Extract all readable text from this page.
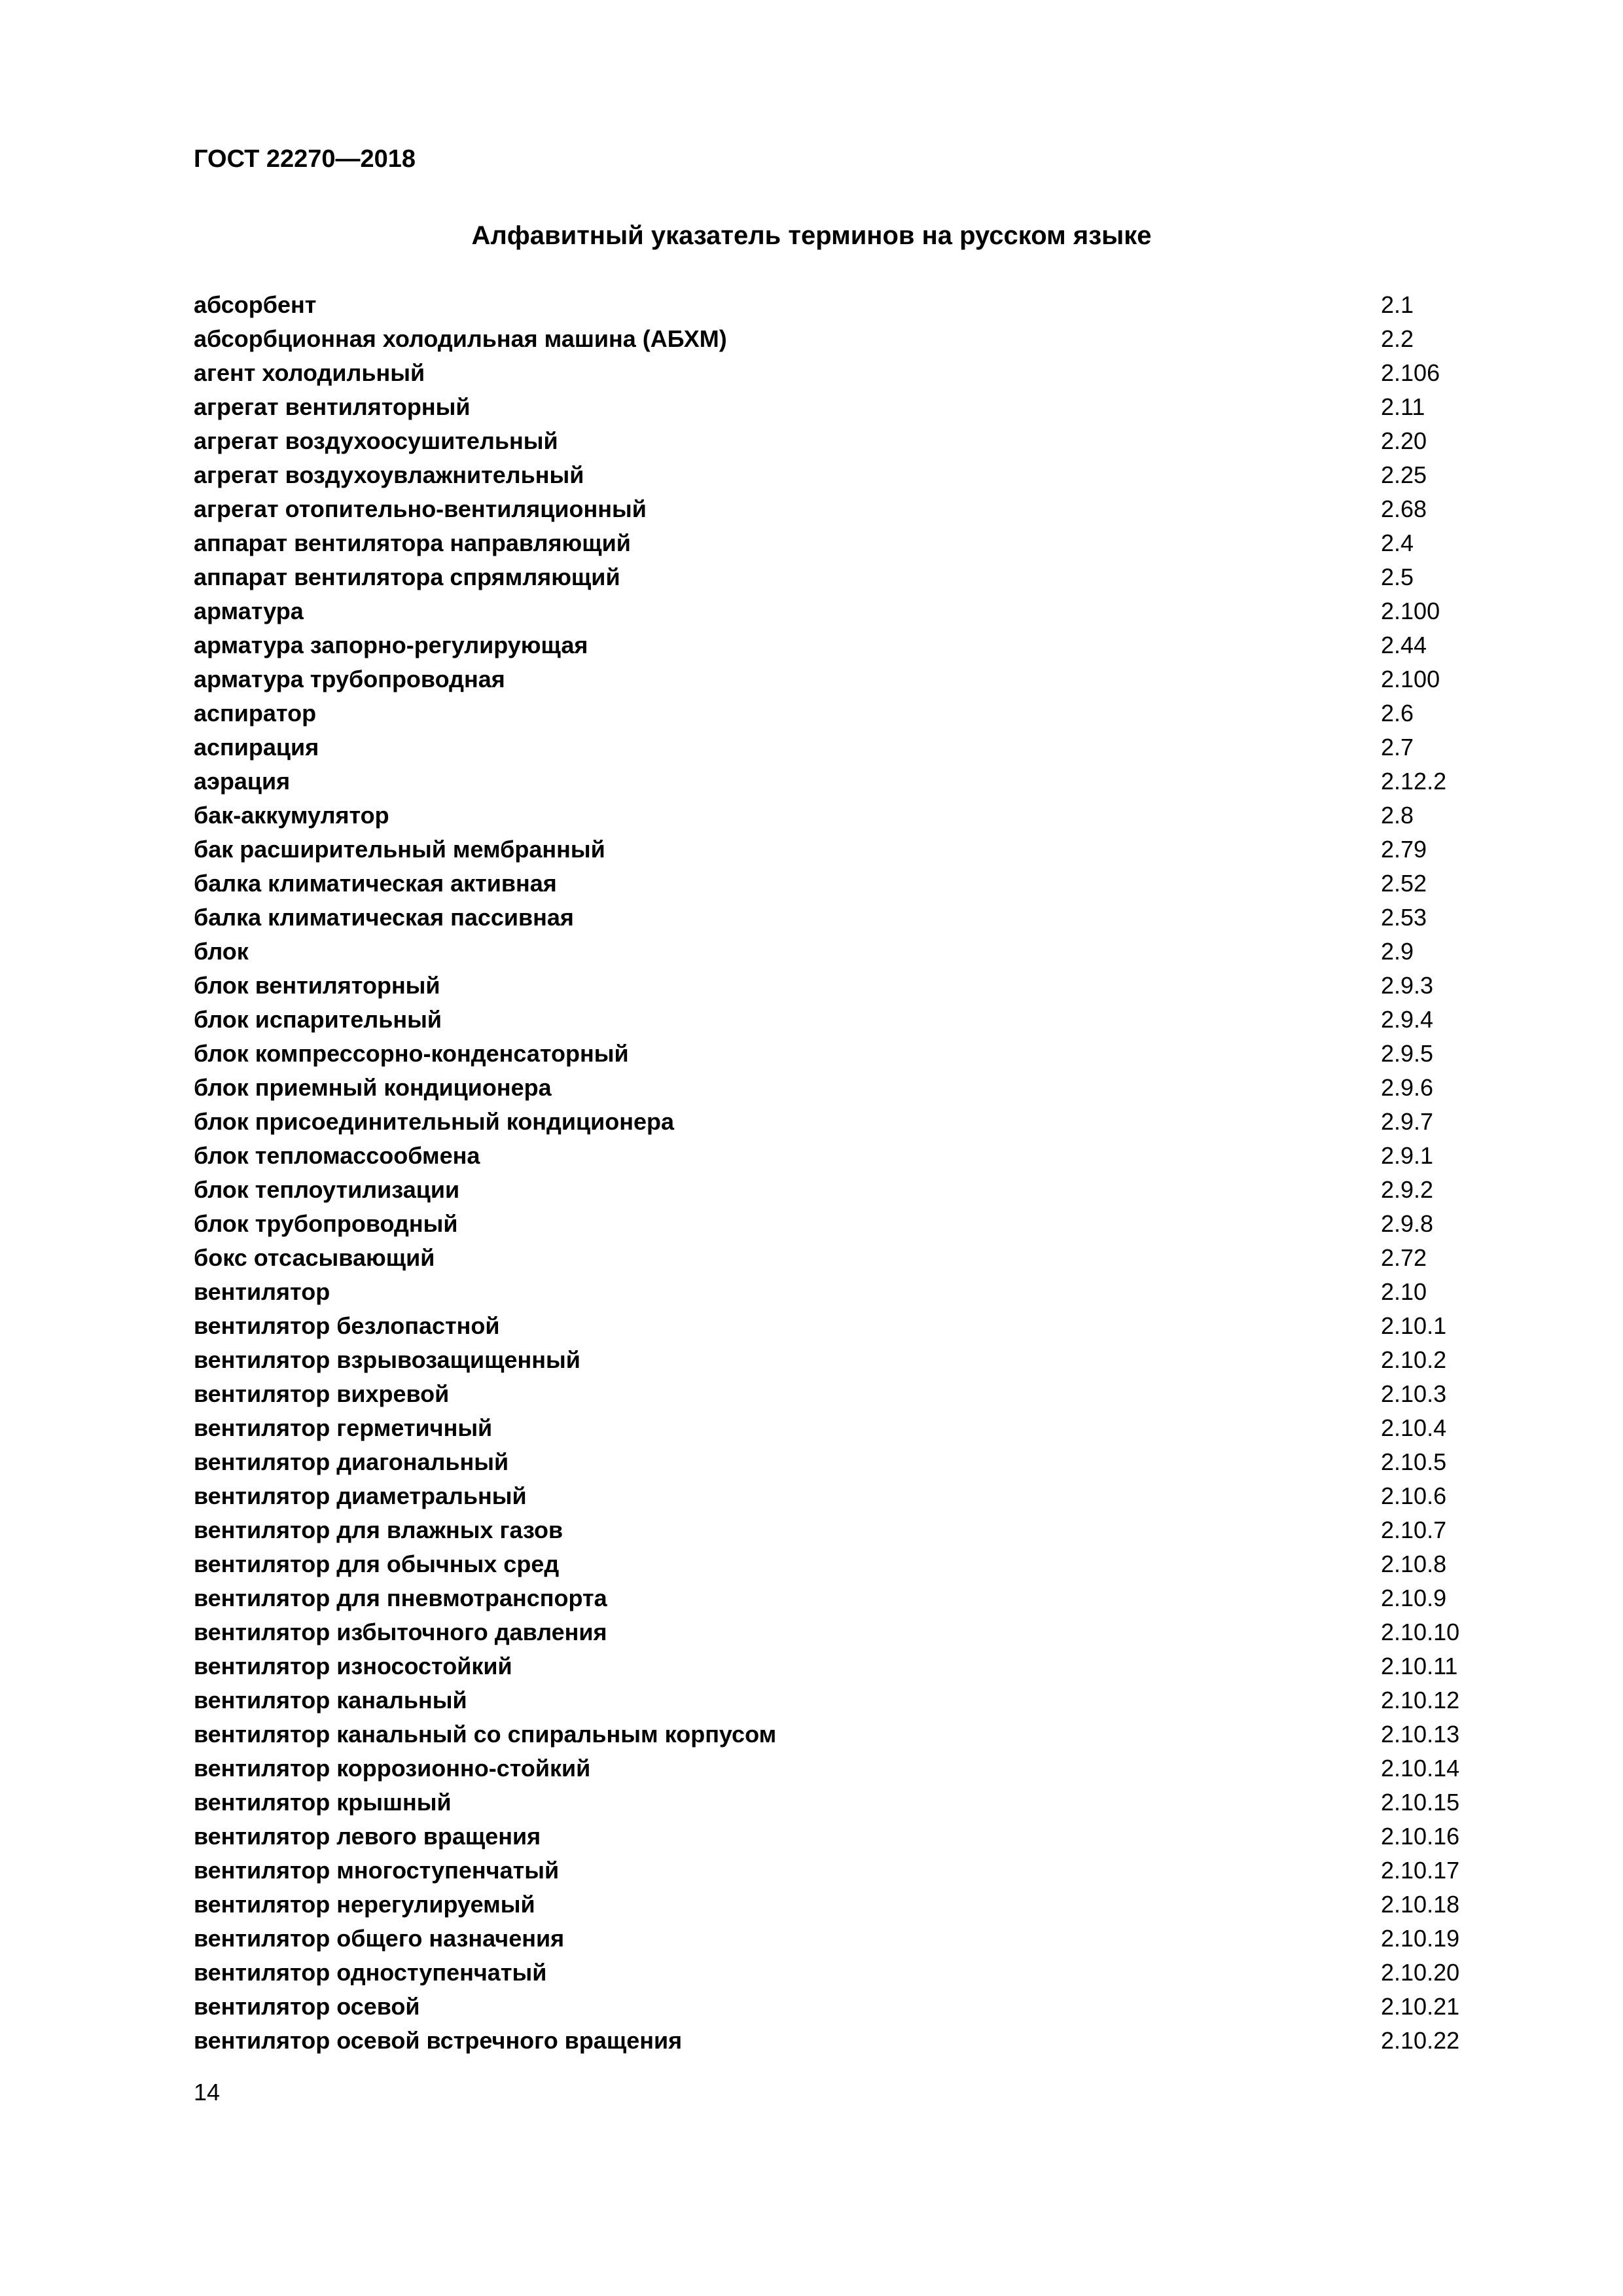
ГОСТ 22270—2018
Алфавитный указатель терминов на русском языке
абсорбент	2.1
абсорбционная холодильная машина (АБХМ)	2.2
агент холодильный	2.106
агрегат вентиляторный	2.11
агрегат воздухоосушительный	2.20
агрегат воздухоувлажнительный	2.25
агрегат отопительно-вентиляционный	2.68
аппарат вентилятора направляющий	2.4
аппарат вентилятора спрямляющий	2.5
арматура	2.100
арматура запорно-регулирующая	2.44
арматура трубопроводная	2.100
аспиратор	2.6
аспирация	2.7
аэрация	2.12.2
бак-аккумулятор	2.8
бак расширительный мембранный	2.79
балка климатическая активная	2.52
балка климатическая пассивная	2.53
блок	2.9
блок вентиляторный	2.9.3
блок испарительный	2.9.4
блок компрессорно-конденсаторный	2.9.5
блок приемный кондиционера	2.9.6
блок присоединительный кондиционера	2.9.7
блок тепломассообмена	2.9.1
блок теплоутилизации	2.9.2
блок трубопроводный	2.9.8
бокс отсасывающий	2.72
вентилятор	2.10
вентилятор безлопастной	2.10.1
вентилятор взрывозащищенный	2.10.2
вентилятор вихревой	2.10.3
вентилятор герметичный	2.10.4
вентилятор диагональный	2.10.5
вентилятор диаметральный	2.10.6
вентилятор для влажных газов	2.10.7
вентилятор для обычных сред	2.10.8
вентилятор для пневмотранспорта	2.10.9
вентилятор избыточного давления	2.10.10
вентилятор износостойкий	2.10.11
вентилятор канальный	2.10.12
вентилятор канальный со спиральным корпусом	2.10.13
вентилятор коррозионно-стойкий	2.10.14
вентилятор крышный	2.10.15
вентилятор левого вращения	2.10.16
вентилятор многоступенчатый	2.10.17
вентилятор нерегулируемый	2.10.18
вентилятор общего назначения	2.10.19
вентилятор одноступенчатый	2.10.20
вентилятор осевой	2.10.21
вентилятор осевой встречного вращения	2.10.22
14
